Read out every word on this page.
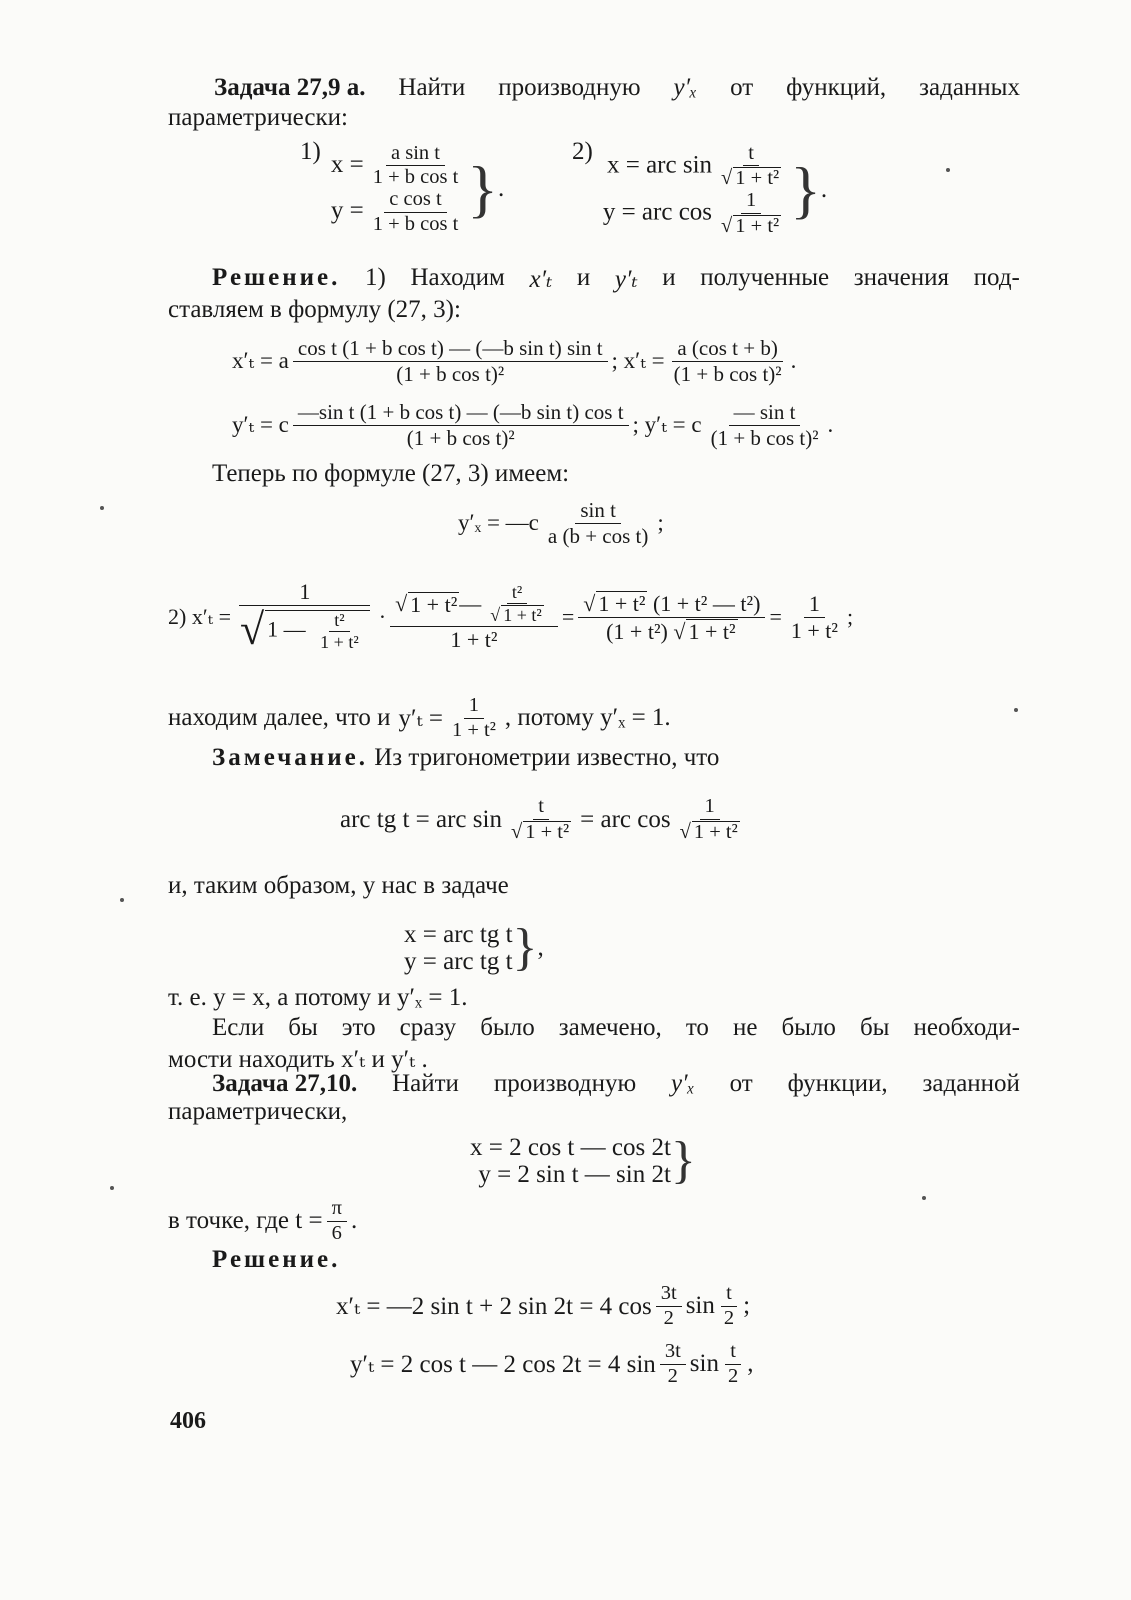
Задача 27,9 а. Найти производную y′ₓ от функций, заданных
параметрически:
1) $x = \frac{\text{a sin t}}{\text{1 + b cos t}}$
$y = \frac{\text{c cos t}}{\text{1 + b cos t}}$ } .
2) x = arc sin t
√ 1 + t²
y = arc cos 1
√ 1 + t² } .
Решение. 1) Находим x′ₜ и y′ₜ и полученные значения под-
ставляем в формулу (27, 3):
x′ₜ = a $\frac{\text{cos t (1 + b cos t) — (—b sin t) sin t}}{\text{(1 + b cos t)²}}$ ; $x'_t = \frac{\text{a (cos t + b)}}{\text{(1 + b cos t)²}}$ .
y′ₜ = c $\frac{\text{—sin t (1 + b cos t) — (—b sin t) cos t}}{\text{(1 + b cos t)²}}$ ; y′ₜ = c $\frac{\text{— sin t}}{\text{(1 + b cos t)²}}$ .
Теперь по формуле (27, 3) имеем:
y′ₓ = —c $\frac{\text{sin t}}{\text{a (b + cos t)}}$ ;
2) x′ₜ = 1
√
1 — $\frac{\text{t²}}{\text{1 + t²}}$ · √ 1 + t² — t²
√ 1 + t²
1 + t² = √ $\frac{\text{1 + t² (1 + t² — t²)}}{\text{(1 + t²) √ 1 + t²}} = \frac{1}{\text{1 + t²}}$ ;
находим далее, что и $y'_t = \frac{1}{\text{1 + t²}}$ , потому y′ₓ = 1.
Замечание. Из тригонометрии известно, что
arc tg t = arc sin t
√ 1 + t² = arc cos 1
√ 1 + t²
и, таким образом, у нас в задаче
x = arc tg t
y = arc tg t } ,
т. е. y = x, а потому и y′ₓ = 1.
Если бы это сразу было замечено, то не было бы необходи-
мости находить x′ₜ и y′ₜ .
Задача 27,10. Найти производную y′ₓ от функции, заданной
параметрически,
x = 2 cos t — cos 2t
y = 2 sin t — sin 2t }
в точке, где $t = \frac{\pi}{6}$ .
Решение.
x′ₜ = —2 sin t + 2 sin 2t = 4 $\cos \frac{3t}{2}$ $\sin \frac{t}{2}$ ;
y′ₜ = 2 cos t — 2 cos 2t = 4 $\sin \frac{3t}{2}$ $\sin \frac{t}{2}$ ,
406
